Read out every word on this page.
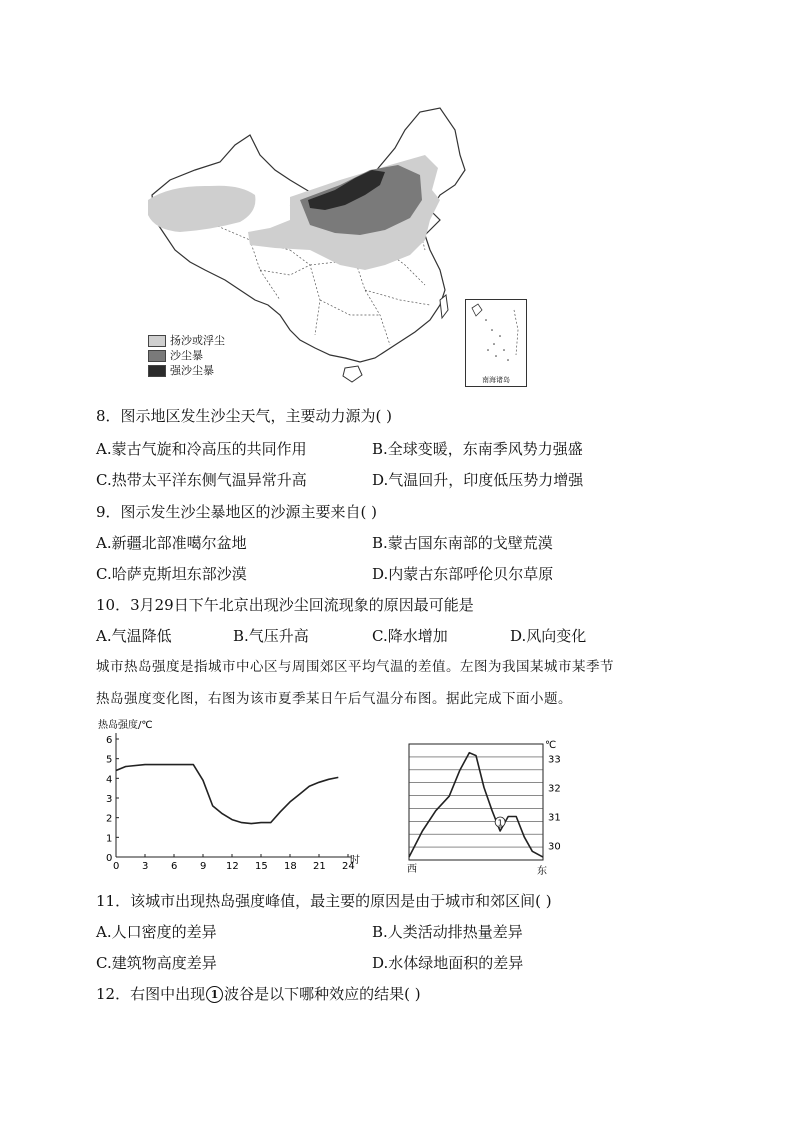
南海诸岛
扬沙或浮尘
沙尘暴
强沙尘暴
8．图示地区发生沙尘天气，主要动力源为( )
A.蒙古气旋和冷高压的共同作用	B.全球变暖，东南季风势力强盛
C.热带太平洋东侧气温异常升高	D.气温回升，印度低压势力增强
9．图示发生沙尘暴地区的沙源主要来自( )
A.新疆北部准噶尔盆地	B.蒙古国东南部的戈壁荒漠
C.哈萨克斯坦东部沙漠	D.内蒙古东部呼伦贝尔草原
10．3月29日下午北京出现沙尘回流现象的原因最可能是
A.气温降低	B.气压升高	C.降水增加	D.风向变化
城市热岛强度是指城市中心区与周围郊区平均气温的差值。左图为我国某城市某季节
热岛强度变化图，右图为该市夏季某日午后气温分布图。据此完成下面小题。
热岛强度/℃
时
0
1
2
3
4
5
6
0 3 6 9 12 15 18 21 24
℃
西	东
30
31
32
33
1
11．该城市出现热岛强度峰值，最主要的原因是由于城市和郊区间( )
A.人口密度的差异	B.人类活动排热量差异
C.建筑物高度差异	D.水体绿地面积的差异
12．右图中出现 1 波谷是以下哪种效应的结果( )
